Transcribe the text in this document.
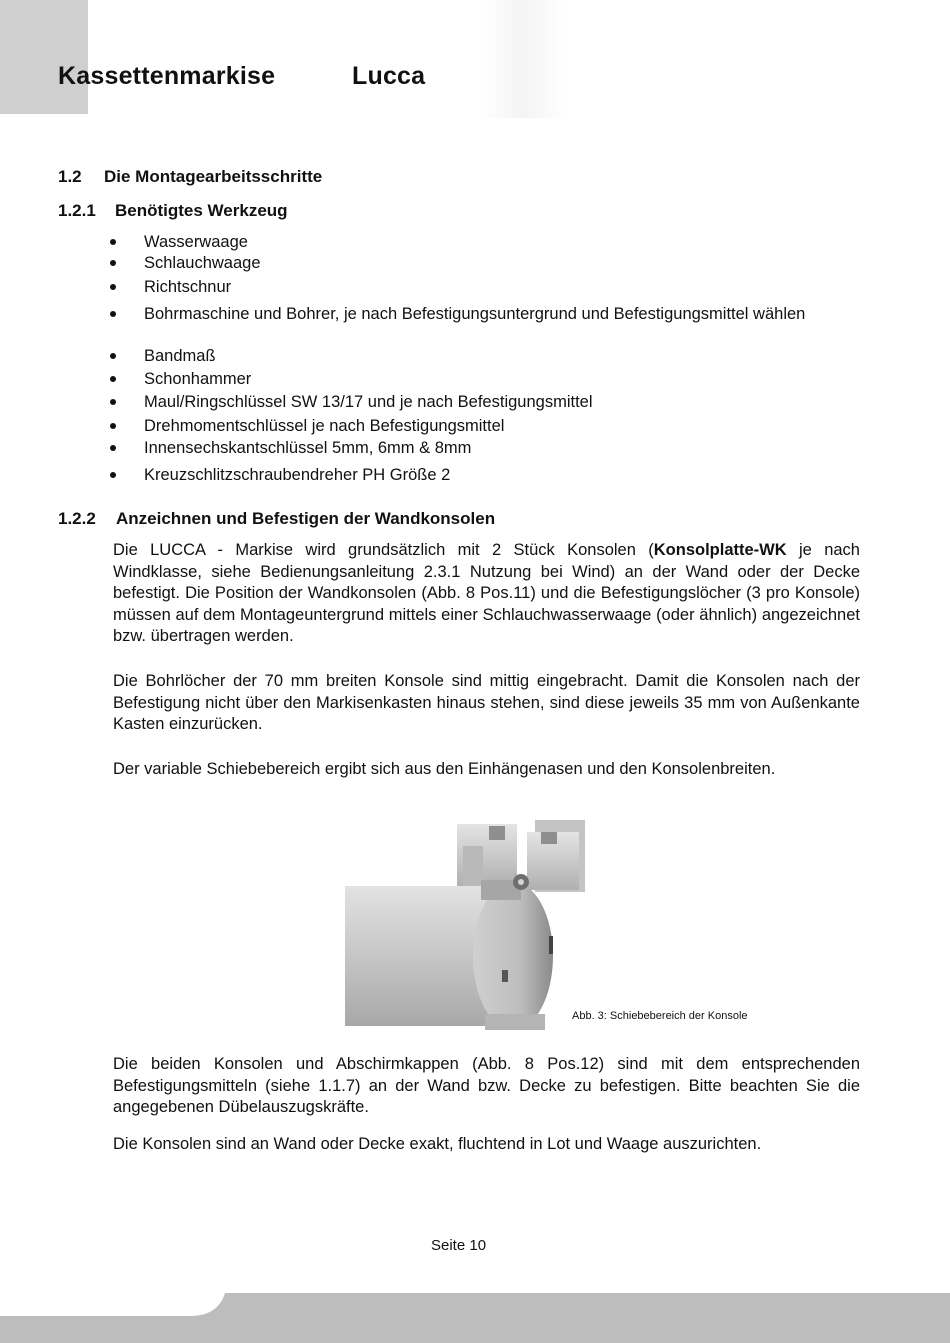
Kassettenmarkise	Lucca
1.2 Die Montagearbeitsschritte
1.2.1 Benötigtes Werkzeug
Wasserwaage
Schlauchwaage
Richtschnur
Bohrmaschine und Bohrer, je nach Befestigungsuntergrund und Befestigungsmittel wählen
Bandmaß
Schonhammer
Maul/Ringschlüssel SW 13/17 und je nach Befestigungsmittel
Drehmomentschlüssel je nach Befestigungsmittel
Innensechskantschlüssel 5mm, 6mm & 8mm
Kreuzschlitzschraubendreher PH Größe 2
1.2.2 Anzeichnen und Befestigen der Wandkonsolen
Die LUCCA - Markise wird grundsätzlich mit 2 Stück Konsolen (Konsolplatte-WK je nach Windklasse, siehe Bedienungsanleitung 2.3.1 Nutzung bei Wind) an der Wand oder der Decke befestigt. Die Position der Wandkonsolen (Abb. 8 Pos.11) und die Befestigungslöcher (3 pro Konsole) müssen auf dem Montageuntergrund mittels einer Schlauchwasserwaage (oder ähnlich) angezeichnet bzw. übertragen werden.
Die Bohrlöcher der 70 mm breiten Konsole sind mittig eingebracht. Damit die Konsolen nach der Befestigung nicht über den Markisenkasten hinaus stehen, sind diese jeweils 35 mm von Außenkante Kasten einzurücken.
Der variable Schiebebereich ergibt sich aus den Einhängenasen und den Konsolenbreiten.
Abb. 3: Schiebebereich der Konsole
Die beiden Konsolen und Abschirmkappen (Abb. 8 Pos.12) sind mit dem entsprechenden Befestigungsmitteln (siehe 1.1.7) an der Wand bzw. Decke zu befestigen. Bitte beachten Sie die angegebenen Dübelauszugskräfte.
Die Konsolen sind an Wand oder Decke exakt, fluchtend in Lot und Waage auszurichten.
Seite 10
